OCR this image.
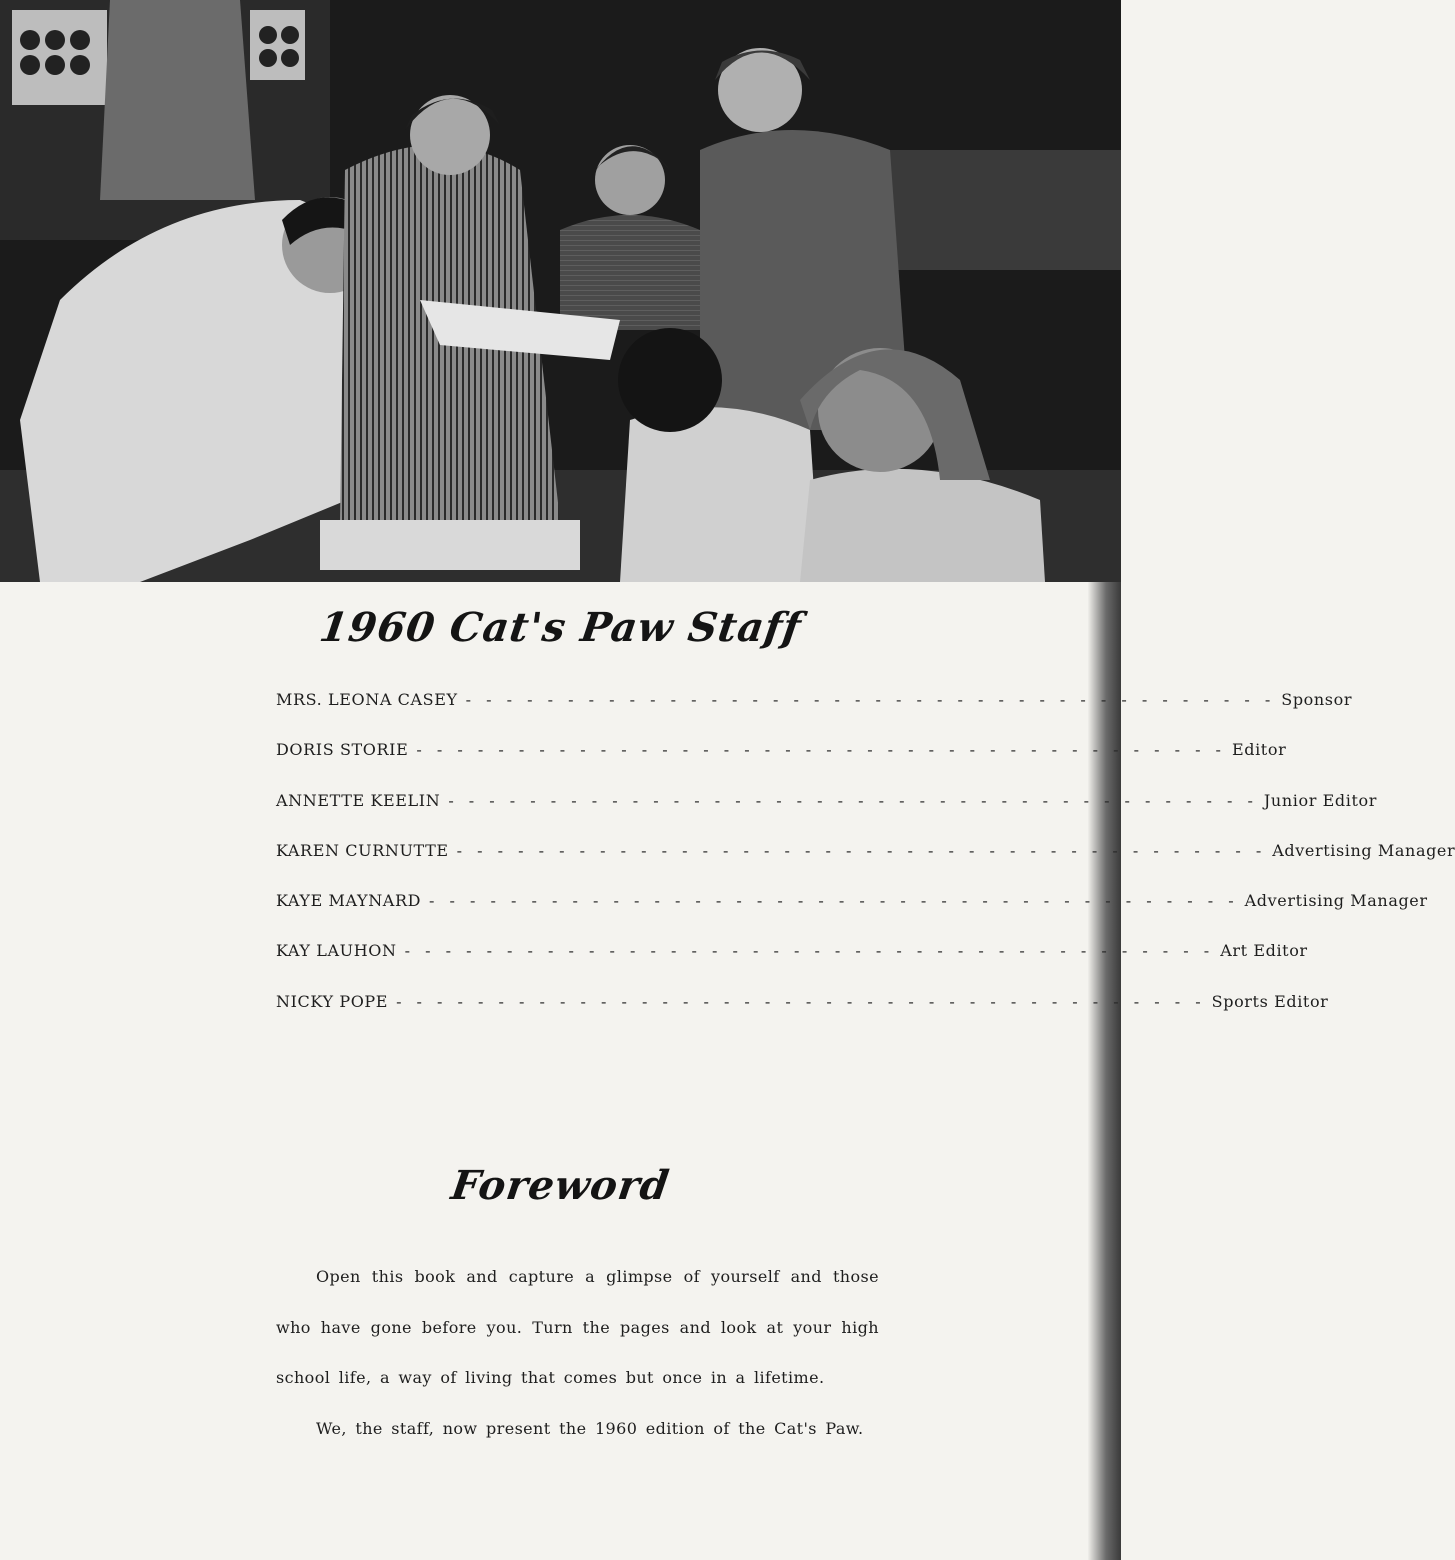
1960 Cat's Paw Staff
MRS. LEONA CASEY - - - - - - - - - - - - - - - - - - - - - - - - - - - - - - - - - - - - - - - - Sponsor
DORIS STORIE - - - - - - - - - - - - - - - - - - - - - - - - - - - - - - - - - - - - - - - - Editor
ANNETTE KEELIN - - - - - - - - - - - - - - - - - - - - - - - - - - - - - - - - - - - - - - - - Junior Editor
KAREN CURNUTTE - - - - - - - - - - - - - - - - - - - - - - - - - - - - - - - - - - - - - - - - Advertising Manager
KAYE MAYNARD - - - - - - - - - - - - - - - - - - - - - - - - - - - - - - - - - - - - - - - - Advertising Manager
KAY LAUHON - - - - - - - - - - - - - - - - - - - - - - - - - - - - - - - - - - - - - - - - Art Editor
NICKY POPE - - - - - - - - - - - - - - - - - - - - - - - - - - - - - - - - - - - - - - - - Sports Editor
Foreword

Open this book and capture a glimpse of yourself and those who have gone before you. Turn the pages and look at your high school life, a way of living that comes but once in a lifetime.

We, the staff, now present the 1960 edition of the Cat's Paw.
